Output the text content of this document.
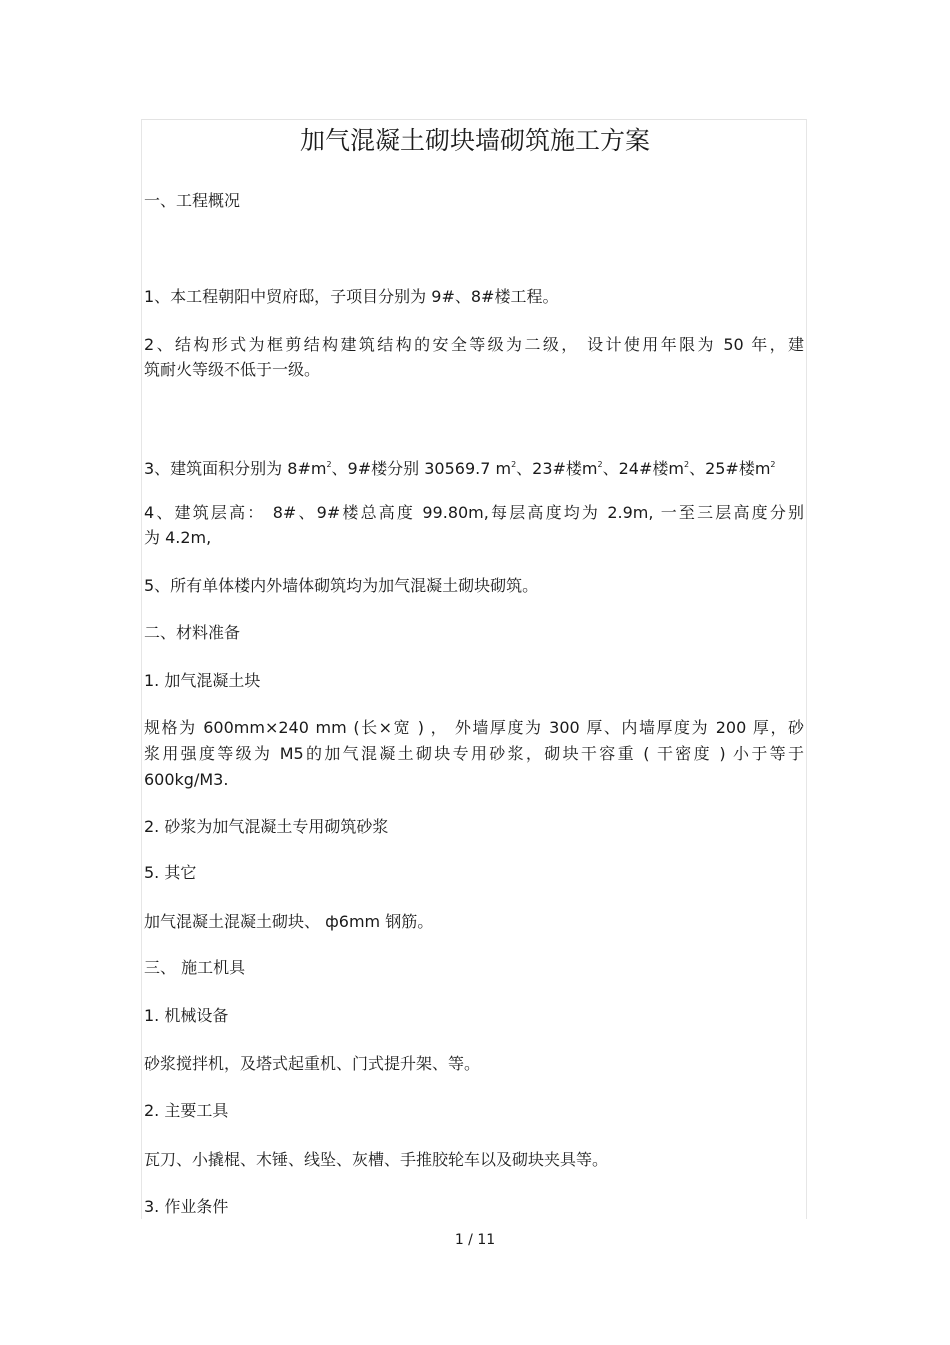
加气混凝土砌块墙砌筑施工方案
一、工程概况
1、本工程朝阳中贸府邸，子项目分别为 9#、8#楼工程。
2、结构形式为框剪结构建筑结构的安全等级为二级， 设计使用年限为 50 年，建
筑耐火等级不低于一级。
3、建筑面积分别为 $8\#m^2$、9#楼分别 30569.7 $m^2$、23#楼$m^2$、24#楼$m^2$、25#楼$m^2$
4、建筑层高： 8#、9#楼总高度 99.80m,每层高度均为 2.9m, 一至三层高度分别
为 4.2m,
5、所有单体楼内外墙体砌筑均为加气混凝土砌块砌筑。
二、材料准备
1. 加气混凝土块
规格为 600mm×240 mm (长×宽 ) ， 外墙厚度为 300 厚、内墙厚度为 200 厚，砂
浆用强度等级为 M5的加气混凝土砌块专用砂浆，砌块干容重 ( 干密度 ) 小于等于
600kg/M3.
2. 砂浆为加气混凝土专用砌筑砂浆
5. 其它
加气混凝土混凝土砌块、 ф6mm 钢筋。
三、 施工机具
1. 机械设备
砂浆搅拌机，及塔式起重机、门式提升架、等。
2. 主要工具
瓦刀、小撬棍、木锤、线坠、灰槽、手推胶轮车以及砌块夹具等。
3. 作业条件
1 / 11
